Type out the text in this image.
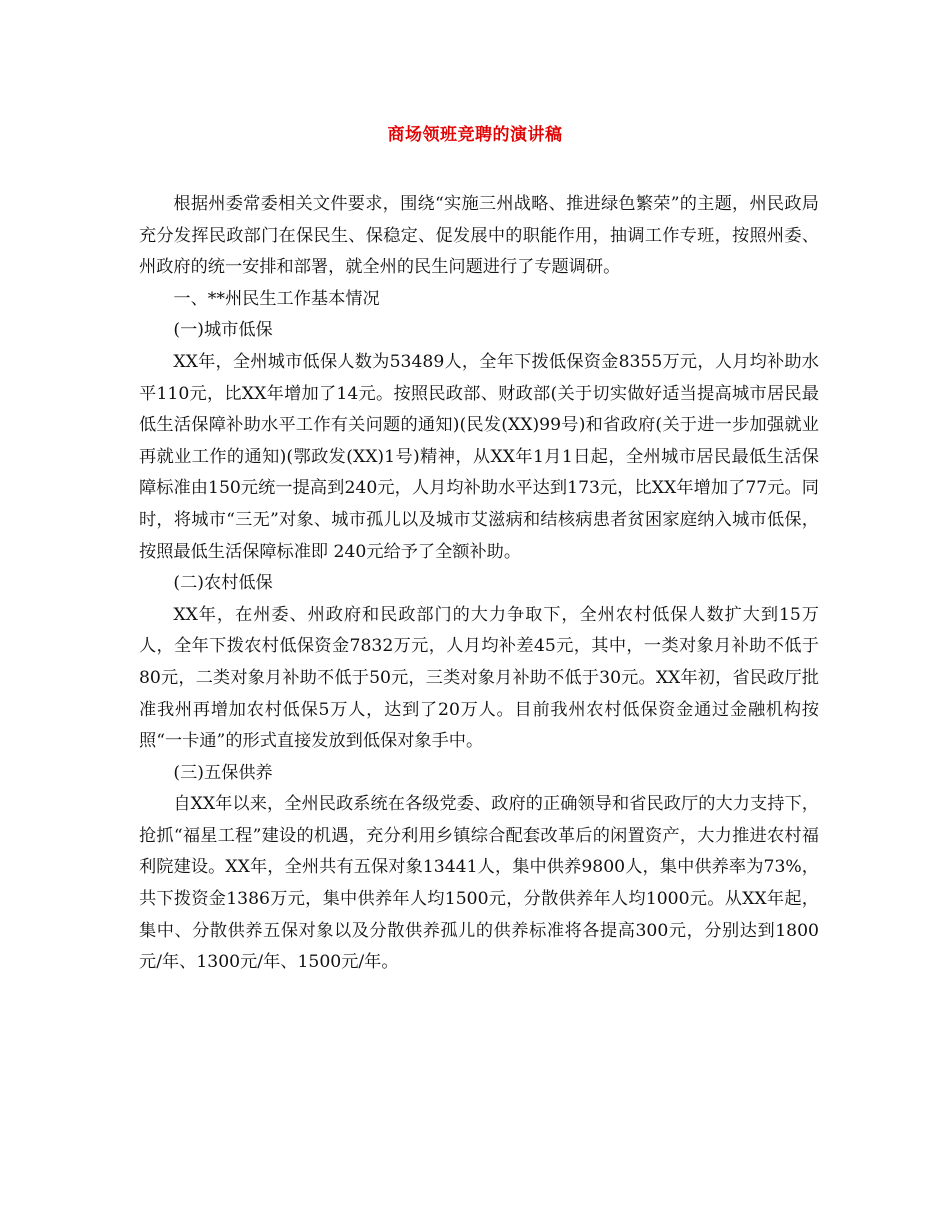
商场领班竞聘的演讲稿

根据州委常委相关文件要求，围绕“实施三州战略、推进绿色繁荣”的主题，州民政局充分发挥民政部门在保民生、保稳定、促发展中的职能作用，抽调工作专班，按照州委、州政府的统一安排和部署，就全州的民生问题进行了专题调研。

一、**州民生工作基本情况

(一)城市低保

XX年，全州城市低保人数为53489人，全年下拨低保资金8355万元，人月均补助水平110元，比XX年增加了14元。按照民政部、财政部(关于切实做好适当提高城市居民最低生活保障补助水平工作有关问题的通知)(民发(XX)99号)和省政府(关于进一步加强就业再就业工作的通知)(鄂政发(XX)1号)精神，从XX年1月1日起，全州城市居民最低生活保障标准由150元统一提高到240元，人月均补助水平达到173元，比XX年增加了77元。同时，将城市“三无”对象、城市孤儿以及城市艾滋病和结核病患者贫困家庭纳入城市低保，按照最低生活保障标准即 240元给予了全额补助。

(二)农村低保

XX年，在州委、州政府和民政部门的大力争取下，全州农村低保人数扩大到15万人，全年下拨农村低保资金7832万元，人月均补差45元，其中，一类对象月补助不低于80元，二类对象月补助不低于50元，三类对象月补助不低于30元。XX年初，省民政厅批准我州再增加农村低保5万人，达到了20万人。目前我州农村低保资金通过金融机构按照“一卡通”的形式直接发放到低保对象手中。

(三)五保供养

自XX年以来，全州民政系统在各级党委、政府的正确领导和省民政厅的大力支持下，抢抓“福星工程”建设的机遇，充分利用乡镇综合配套改革后的闲置资产，大力推进农村福利院建设。XX年，全州共有五保对象13441人，集中供养9800人，集中供养率为73%，共下拨资金1386万元，集中供养年人均1500元，分散供养年人均1000元。从XX年起，集中、分散供养五保对象以及分散供养孤儿的供养标准将各提高300元，分别达到1800元/年、1300元/年、1500元/年。
